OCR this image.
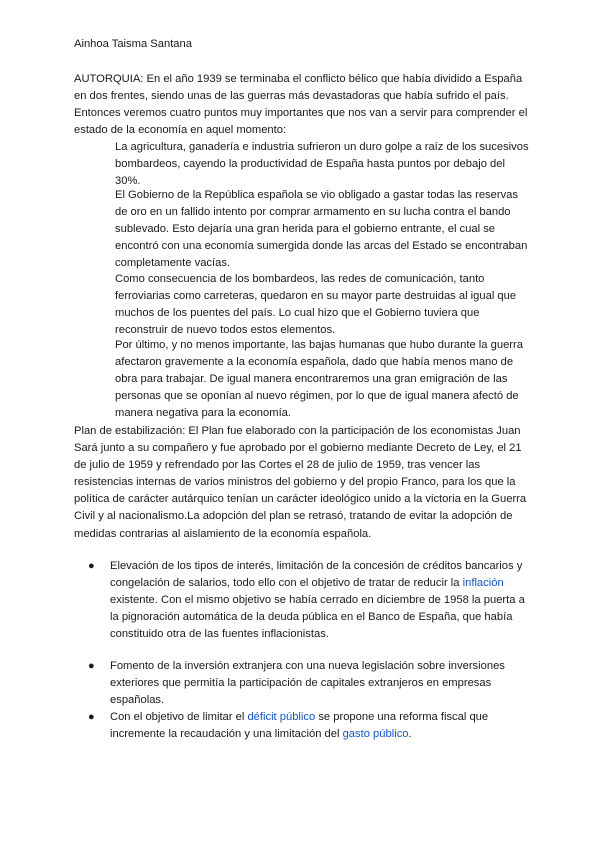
Ainhoa Taisma Santana

AUTORQUIA: En el año 1939 se terminaba el conflicto bélico que había dividido a España en dos frentes, siendo unas de las guerras más devastadoras que había sufrido el país. Entonces veremos cuatro puntos muy importantes que nos van a servir para comprender el estado de la economía en aquel momento:

La agricultura, ganadería e industria sufrieron un duro golpe a raíz de los sucesivos bombardeos, cayendo la productividad de España hasta puntos por debajo del 30%.

El Gobierno de la República española se vio obligado a gastar todas las reservas de oro en un fallido intento por comprar armamento en su lucha contra el bando sublevado. Esto dejaría una gran herida para el gobierno entrante, el cual se encontró con una economía sumergida donde las arcas del Estado se encontraban completamente vacías.

Como consecuencia de los bombardeos, las redes de comunicación, tanto ferroviarias como carreteras, quedaron en su mayor parte destruidas al igual que muchos de los puentes del país. Lo cual hizo que el Gobierno tuviera que reconstruir de nuevo todos estos elementos.

Por último, y no menos importante, las bajas humanas que hubo durante la guerra afectaron gravemente a la economía española, dado que había menos mano de obra para trabajar. De igual manera encontraremos una gran emigración de las personas que se oponían al nuevo régimen, por lo que de igual manera afectó de manera negativa para la economía.

Plan de estabilización: El Plan fue elaborado con la participación de los economistas Juan Sará junto a su compañero y fue aprobado por el gobierno mediante Decreto de Ley, el 21 de julio de 1959 y refrendado por las Cortes el 28 de julio de 1959, tras vencer las resistencias internas de varios ministros del gobierno y del propio Franco, para los que la política de carácter autárquico tenían un carácter ideológico unido a la victoria en la Guerra Civil y al nacionalismo.La adopción del plan se retrasó, tratando de evitar la adopción de medidas contrarias al aislamiento de la economía española.

● Elevación de los tipos de interés, limitación de la concesión de créditos bancarios y congelación de salarios, todo ello con el objetivo de tratar de reducir la inflación existente. Con el mismo objetivo se había cerrado en diciembre de 1958 la puerta a la pignoración automática de la deuda pública en el Banco de España, que había constituido otra de las fuentes inflacionistas.
● Fomento de la inversión extranjera con una nueva legislación sobre inversiones exteriores que permitía la participación de capitales extranjeros en empresas españolas.
● Con el objetivo de limitar el déficit público se propone una reforma fiscal que incremente la recaudación y una limitación del gasto público.
